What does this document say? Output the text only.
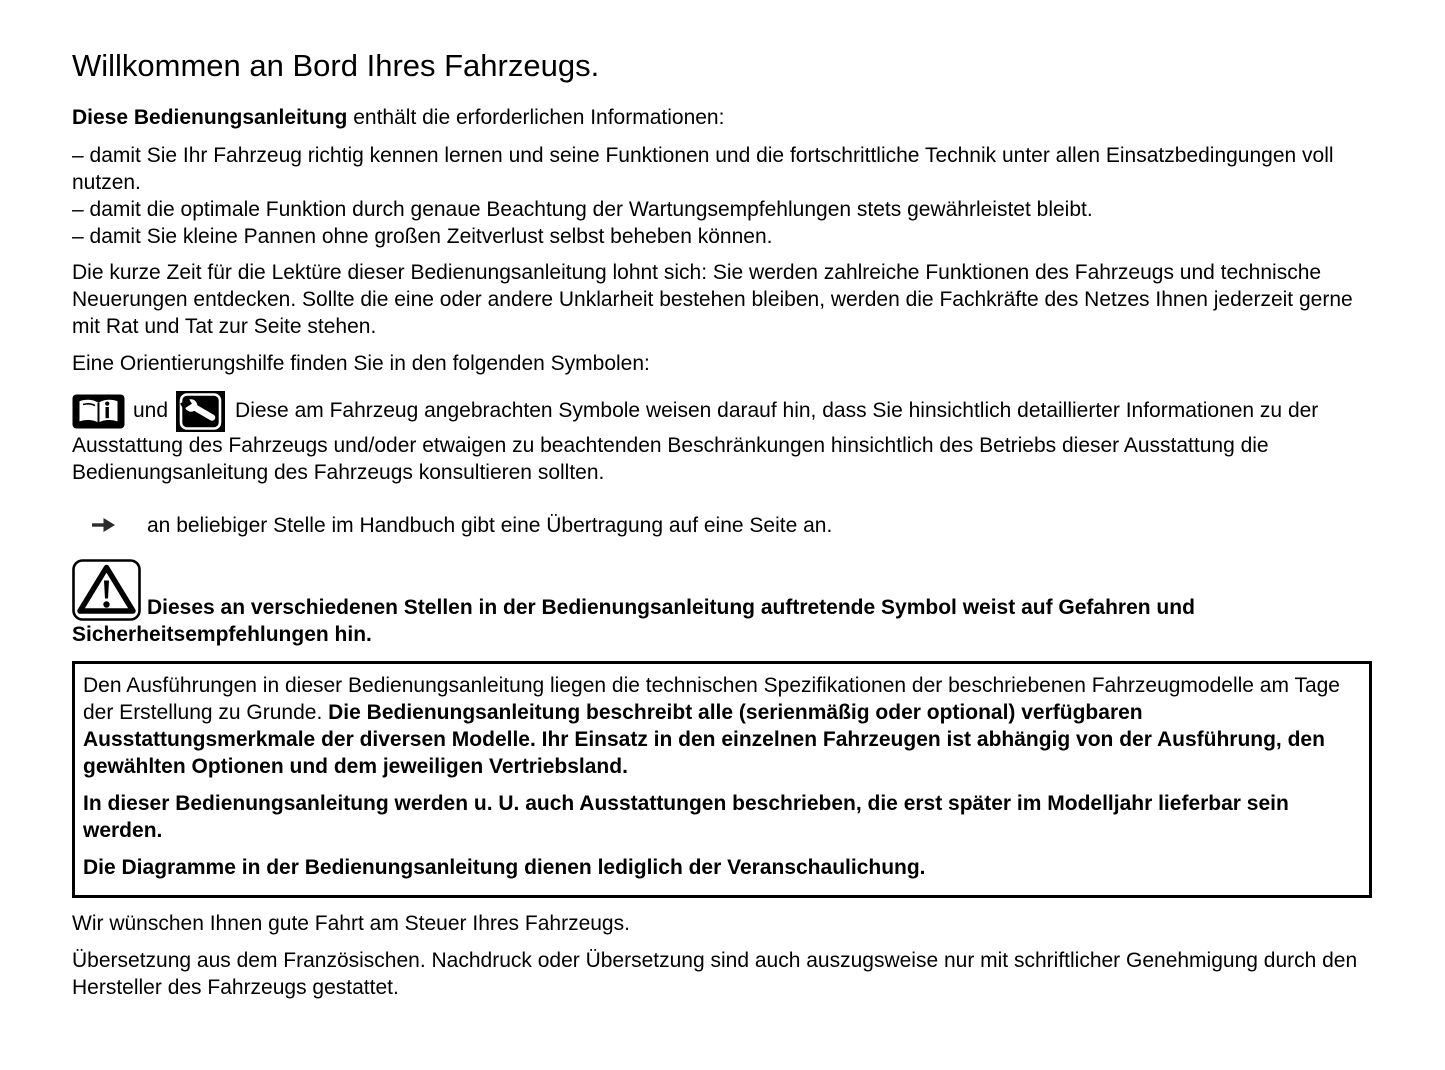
Willkommen an Bord Ihres Fahrzeugs.

Diese Bedienungsanleitung enthält die erforderlichen Informationen:

– damit Sie Ihr Fahrzeug richtig kennen lernen und seine Funktionen und die fortschrittliche Technik unter allen Einsatzbedingungen voll nutzen.

– damit die optimale Funktion durch genaue Beachtung der Wartungsempfehlungen stets gewährleistet bleibt.

– damit Sie kleine Pannen ohne großen Zeitverlust selbst beheben können.

Die kurze Zeit für die Lektüre dieser Bedienungsanleitung lohnt sich: Sie werden zahlreiche Funktionen des Fahrzeugs und technische Neuerungen entdecken. Sollte die eine oder andere Unklarheit bestehen bleiben, werden die Fachkräfte des Netzes Ihnen jederzeit gerne mit Rat und Tat zur Seite stehen.

Eine Orientierungshilfe finden Sie in den folgenden Symbolen:

und	Diese am Fahrzeug angebrachten Symbole weisen darauf hin, dass Sie hinsichtlich detaillierter Informationen zu der Ausstattung des Fahrzeugs und/oder etwaigen zu beachtenden Beschränkungen hinsichtlich des Betriebs dieser Ausstattung die Bedienungsanleitung des Fahrzeugs konsultieren sollten.

an beliebiger Stelle im Handbuch gibt eine Übertragung auf eine Seite an.

Dieses an verschiedenen Stellen in der Bedienungsanleitung auftretende Symbol weist auf Gefahren und Sicherheitsempfehlungen hin.

Den Ausführungen in dieser Bedienungsanleitung liegen die technischen Spezifikationen der beschriebenen Fahrzeugmodelle am Tage der Erstellung zu Grunde. Die Bedienungsanleitung beschreibt alle (serienmäßig oder optional) verfügbaren Ausstattungsmerkmale der diversen Modelle. Ihr Einsatz in den einzelnen Fahrzeugen ist abhängig von der Ausführung, den gewählten Optionen und dem jeweiligen Vertriebsland.

In dieser Bedienungsanleitung werden u. U. auch Ausstattungen beschrieben, die erst später im Modelljahr lieferbar sein werden.

Die Diagramme in der Bedienungsanleitung dienen lediglich der Veranschaulichung.

Wir wünschen Ihnen gute Fahrt am Steuer Ihres Fahrzeugs.

Übersetzung aus dem Französischen. Nachdruck oder Übersetzung sind auch auszugsweise nur mit schriftlicher Genehmigung durch den Hersteller des Fahrzeugs gestattet.
